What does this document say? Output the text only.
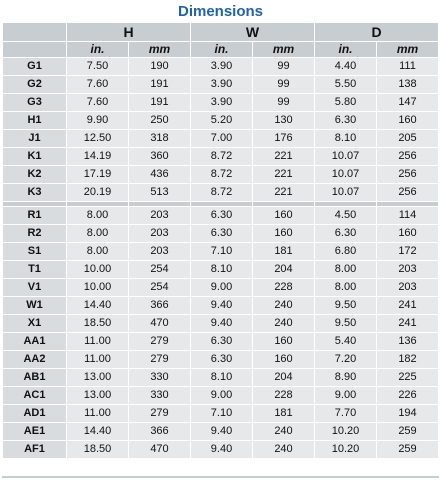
Dimensions
	H		W		D	
	in.	mm	in.	mm	in.	mm
G1	7.50	190	3.90	99	4.40	111
G2	7.60	191	3.90	99	5.50	138
G3	7.60	191	3.90	99	5.80	147
H1	9.90	250	5.20	130	6.30	160
J1	12.50	318	7.00	176	8.10	205
K1	14.19	360	8.72	221	10.07	256
K2	17.19	436	8.72	221	10.07	256
K3	20.19	513	8.72	221	10.07	256

R1	8.00	203	6.30	160	4.50	114
R2	8.00	203	6.30	160	6.30	160
S1	8.00	203	7.10	181	6.80	172
T1	10.00	254	8.10	204	8.00	203
V1	10.00	254	9.00	228	8.00	203
W1	14.40	366	9.40	240	9.50	241
X1	18.50	470	9.40	240	9.50	241
AA1	11.00	279	6.30	160	5.40	136
AA2	11.00	279	6.30	160	7.20	182
AB1	13.00	330	8.10	204	8.90	225
AC1	13.00	330	9.00	228	9.00	226
AD1	11.00	279	7.10	181	7.70	194
AE1	14.40	366	9.40	240	10.20	259
AF1	18.50	470	9.40	240	10.20	259
